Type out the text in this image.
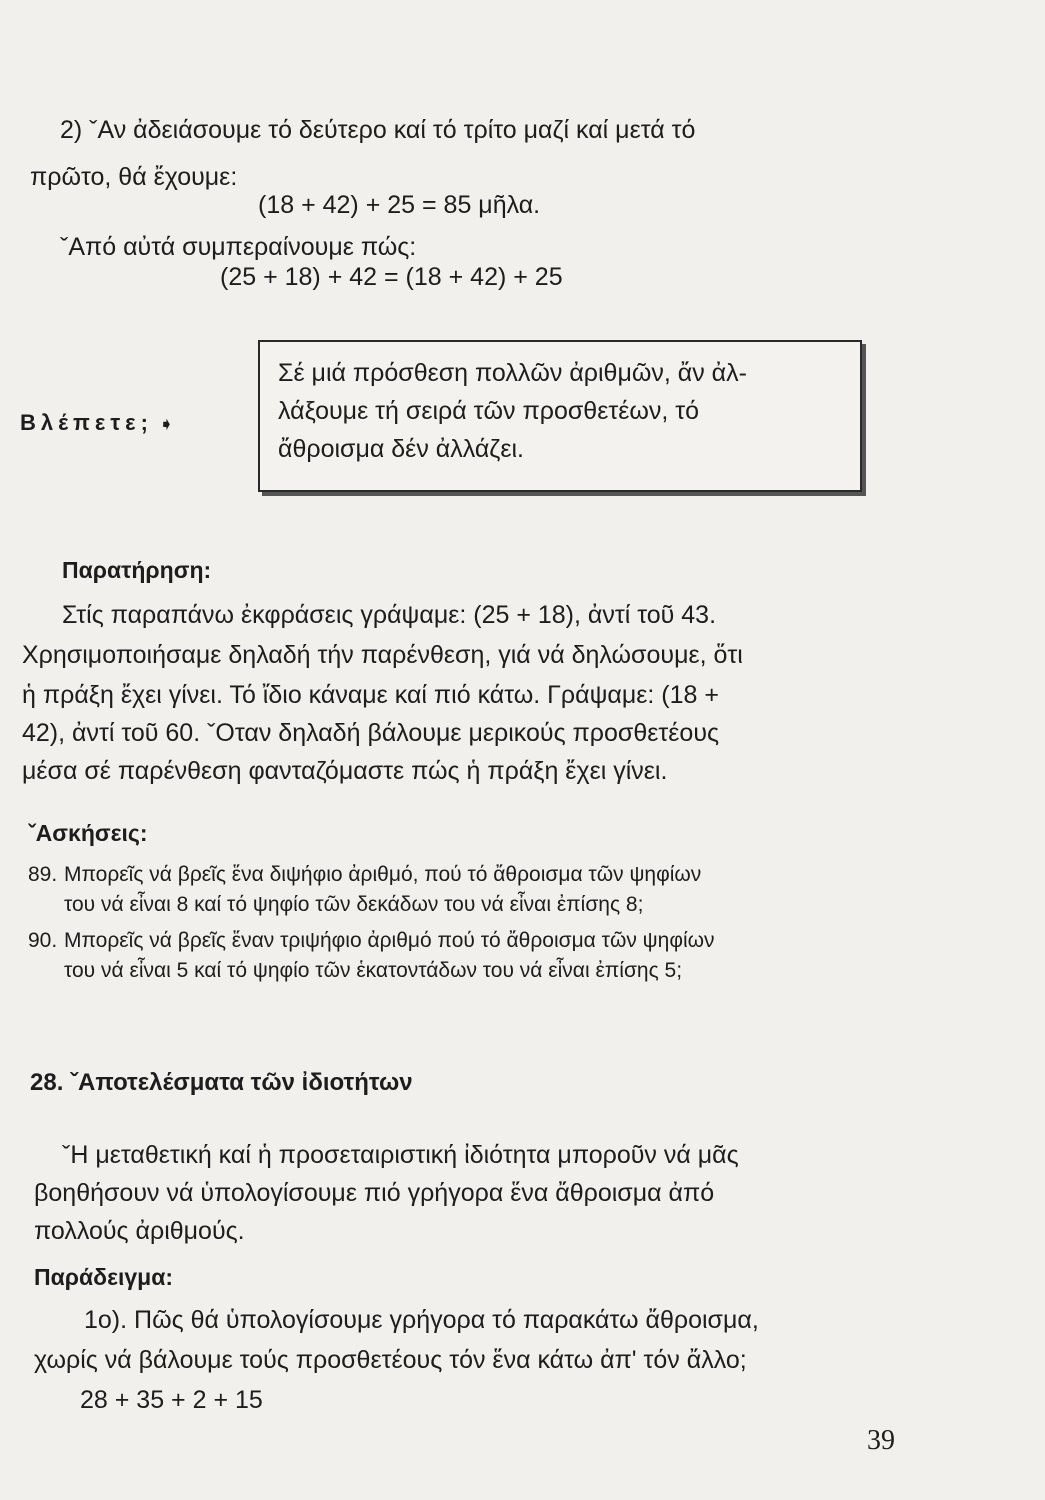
2) ˇΑν ἀδειάσουμε τό δεύτερο καί τό τρίτο μαζί καί μετά τό
πρῶτο, θά ἔχουμε:
(18 + 42) + 25 = 85 μῆλα.
ˇΑπό αὐτά συμπεραίνουμε πώς:
(25 + 18) + 42 = (18 + 42) + 25
Βλέπετε; ➧
Σέ μιά πρόσθεση πολλῶν ἀριθμῶν, ἄν ἀλ-
λάξουμε τή σειρά τῶν προσθετέων, τό
ἄθροισμα δέν ἀλλάζει.
Παρατήρηση:
Στίς παραπάνω ἐκφράσεις γράψαμε: (25 + 18), ἀντί τοῦ 43.
Χρησιμοποιήσαμε δηλαδή τήν παρένθεση, γιά νά δηλώσουμε, ὅτι
ἡ πράξη ἔχει γίνει. Τό ἴδιο κάναμε καί πιό κάτω. Γράψαμε: (18 +
42), ἀντί τοῦ 60. ˇΟταν δηλαδή βάλουμε μερικούς προσθετέους
μέσα σέ παρένθεση φανταζόμαστε πώς ἡ πράξη ἔχει γίνει.
ˇΑσκήσεις:
89. Μπορεῖς νά βρεῖς ἕνα διψήφιο ἀριθμό, πού τό ἄθροισμα τῶν ψηφίων
του νά εἶναι 8 καί τό ψηφίο τῶν δεκάδων του νά εἶναι ἐπίσης 8;
90. Μπορεῖς νά βρεῖς ἕναν τριψήφιο ἀριθμό πού τό ἄθροισμα τῶν ψηφίων
του νά εἶναι 5 καί τό ψηφίο τῶν ἑκατοντάδων του νά εἶναι ἐπίσης 5;
28. ˇΑποτελέσματα τῶν ἰδιοτήτων
ˇΗ μεταθετική καί ἡ προσεταιριστική ἰδιότητα μποροῦν νά μᾶς
βοηθήσουν νά ὑπολογίσουμε πιό γρήγορα ἕνα ἄθροισμα ἀπό
πολλούς ἀριθμούς.
Παράδειγμα:
1ο). Πῶς θά ὑπολογίσουμε γρήγορα τό παρακάτω ἄθροισμα,
χωρίς νά βάλουμε τούς προσθετέους τόν ἕνα κάτω ἀπ' τόν ἄλλο;
28 + 35 + 2 + 15
39
